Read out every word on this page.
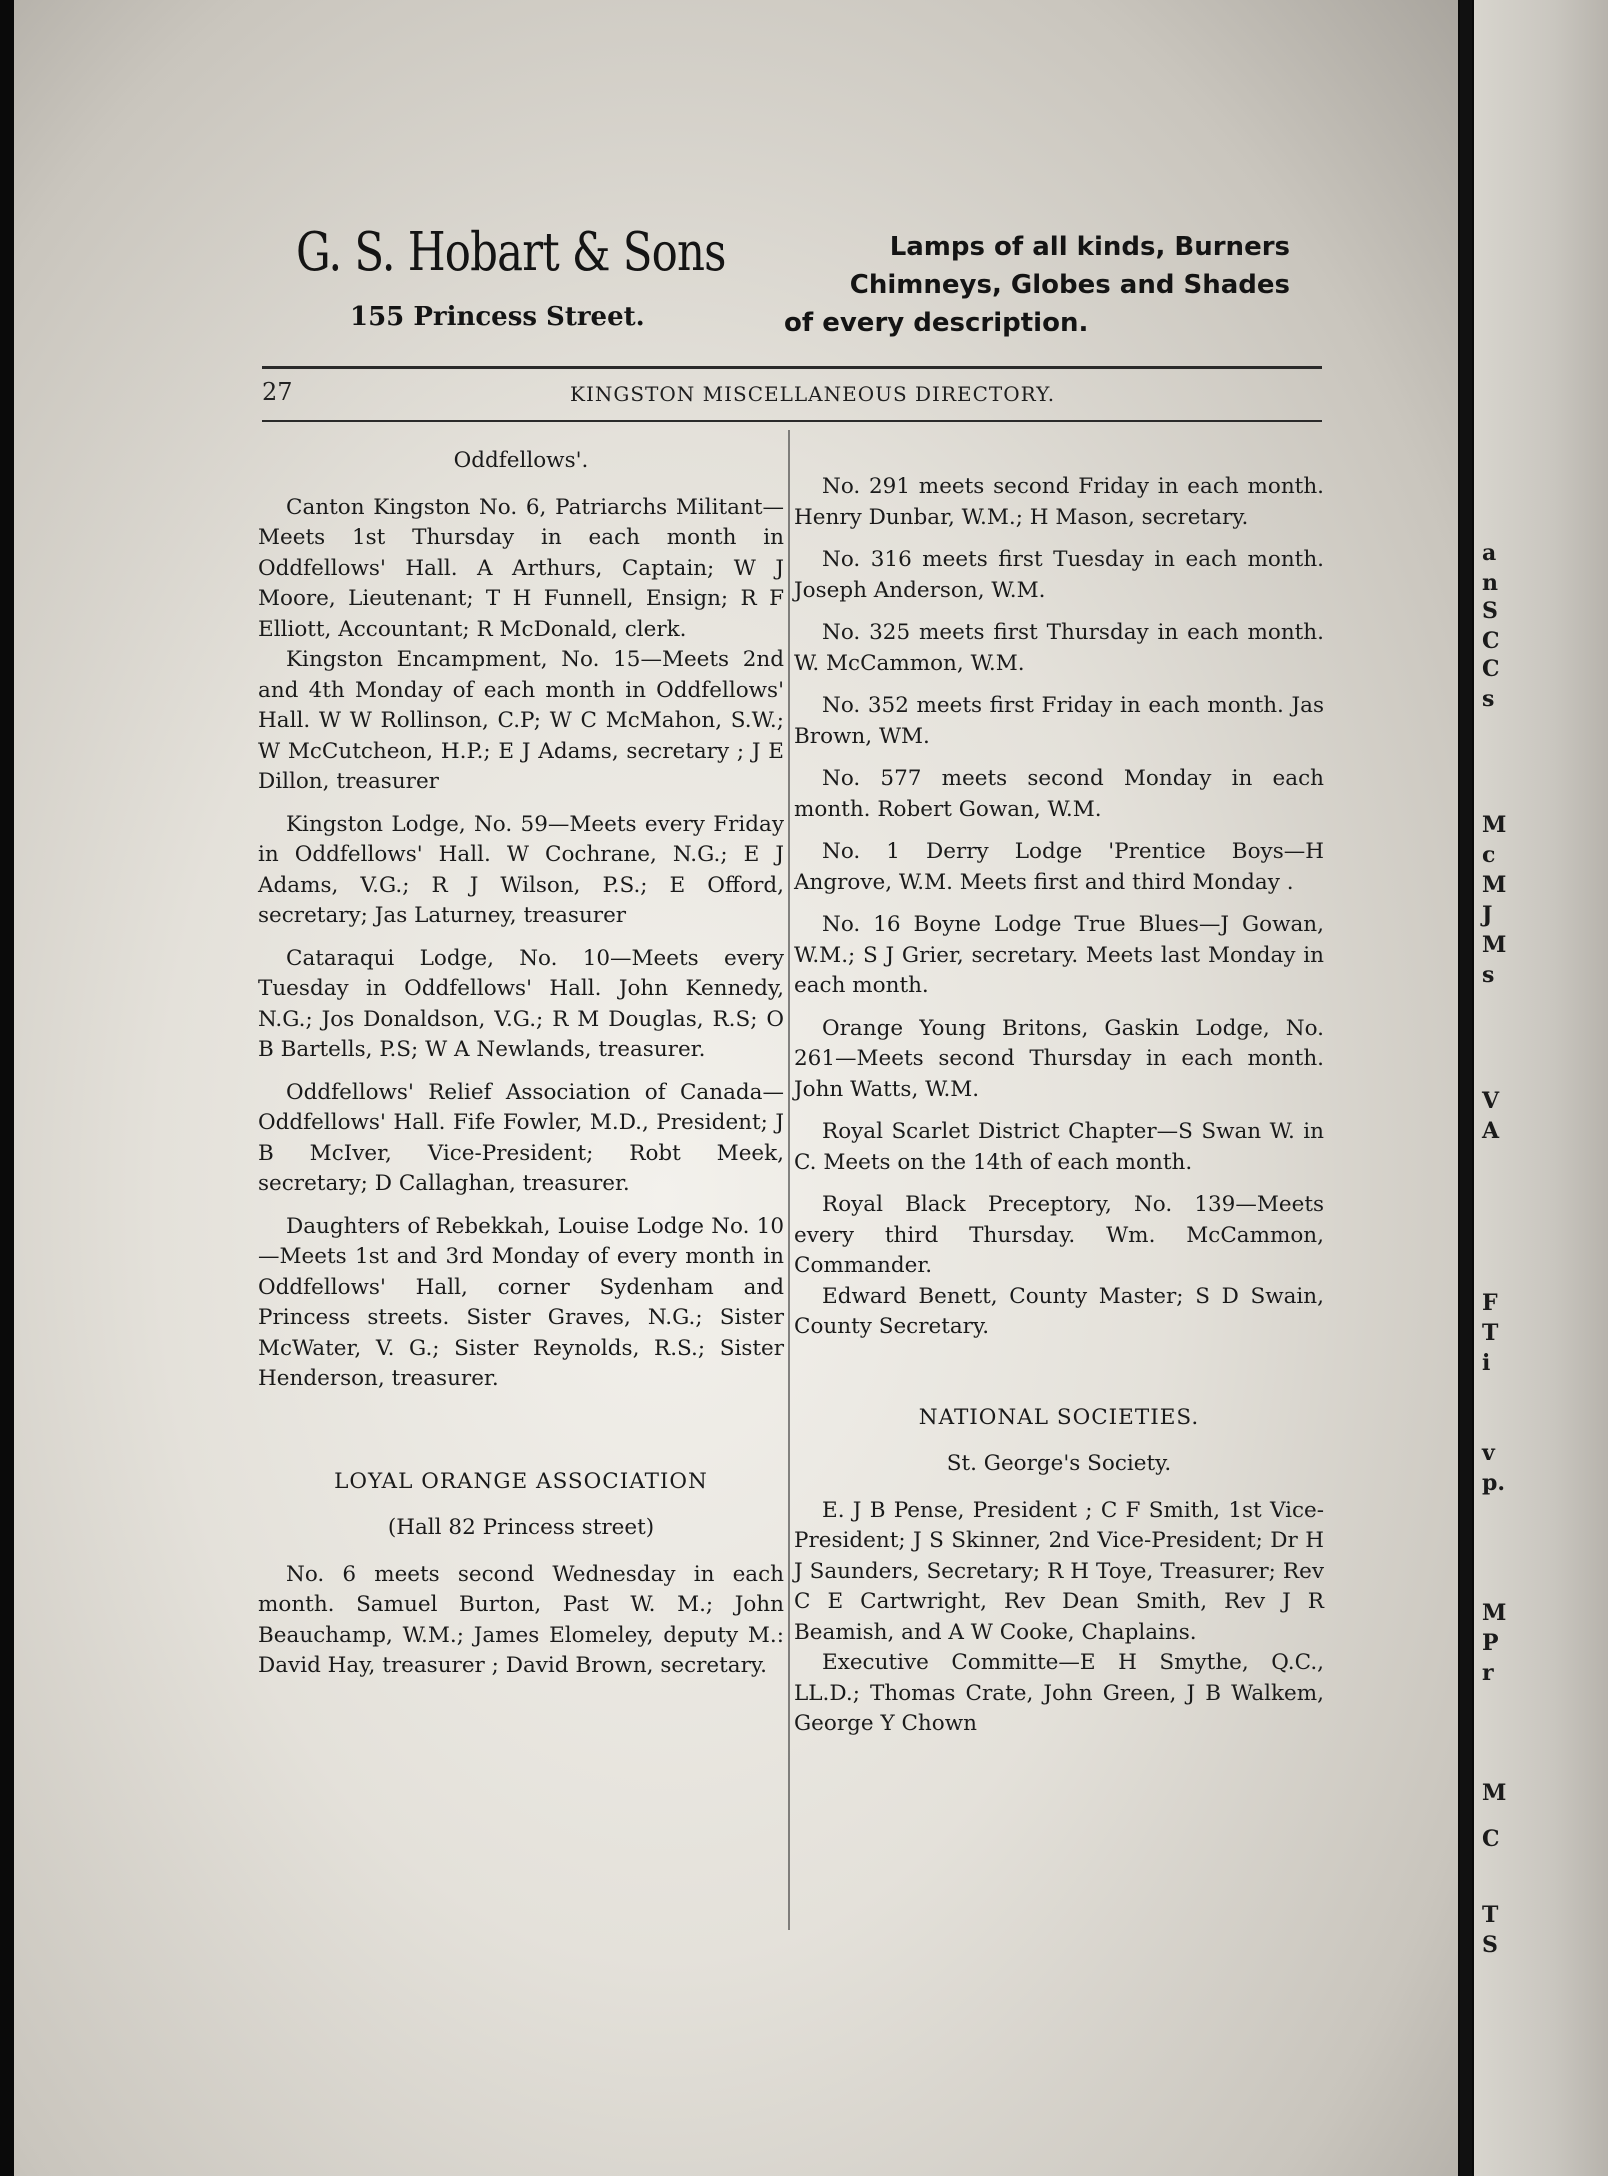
a
n
S
C
C
s
M
c
M
J
M
s
V
A
F
T
i
v
p.
M
P
r
M
C
T
S
G. S. Hobart & Sons
155 Princess Street.
Lamps of all kinds, Burners
Chimneys, Globes and Shades
of every description.
27	KINGSTON MISCELLANEOUS DIRECTORY.

Oddfellows'.

Canton Kingston No. 6, Patriarchs Militant—Meets 1st Thursday in each month in Oddfellows' Hall. A Arthurs, Captain; W J Moore, Lieutenant; T H Funnell, Ensign; R F Elliott, Accountant; R McDonald, clerk.

Kingston Encampment, No. 15—Meets 2nd and 4th Monday of each month in Oddfellows' Hall. W W Rollinson, C.P; W C McMahon, S.W.; W McCutcheon, H.P.; E J Adams, secretary ; J E Dillon, treasurer

Kingston Lodge, No. 59—Meets every Friday in Oddfellows' Hall. W Cochrane, N.G.; E J Adams, V.G.; R J Wilson, P.S.; E Offord, secretary; Jas Laturney, treasurer

Cataraqui Lodge, No. 10—Meets every Tuesday in Oddfellows' Hall. John Kennedy, N.G.; Jos Donaldson, V.G.; R M Douglas, R.S; O B Bartells, P.S; W A Newlands, treasurer.

Oddfellows' Relief Association of Canada—Oddfellows' Hall. Fife Fowler, M.D., President; J B McIver, Vice-President; Robt Meek, secretary; D Callaghan, treasurer.

Daughters of Rebekkah, Louise Lodge No. 10—Meets 1st and 3rd Monday of every month in Oddfellows' Hall, corner Sydenham and Princess streets. Sister Graves, N.G.; Sister McWater, V. G.; Sister Reynolds, R.S.; Sister Henderson, treasurer.

LOYAL ORANGE ASSOCIATION

(Hall 82 Princess street)

No. 6 meets second Wednesday in each month. Samuel Burton, Past W. M.; John Beauchamp, W.M.; James Elomeley, deputy M.: David Hay, treasurer ; David Brown, secretary.

No. 291 meets second Friday in each month. Henry Dunbar, W.M.; H Mason, secretary.

No. 316 meets first Tuesday in each month. Joseph Anderson, W.M.

No. 325 meets first Thursday in each month. W. McCammon, W.M.

No. 352 meets first Friday in each month. Jas Brown, WM.

No. 577 meets second Monday in each month. Robert Gowan, W.M.

No. 1 Derry Lodge 'Prentice Boys—H Angrove, W.M. Meets first and third Monday .

No. 16 Boyne Lodge True Blues—J Gowan, W.M.; S J Grier, secretary. Meets last Monday in each month.

Orange Young Britons, Gaskin Lodge, No. 261—Meets second Thursday in each month. John Watts, W.M.

Royal Scarlet District Chapter—S Swan W. in C. Meets on the 14th of each month.

Royal Black Preceptory, No. 139—Meets every third Thursday. Wm. McCammon, Commander.

Edward Benett, County Master; S D Swain, County Secretary.

NATIONAL SOCIETIES.

St. George's Society.

E. J B Pense, President ; C F Smith, 1st Vice-President; J S Skinner, 2nd Vice-President; Dr H J Saunders, Secretary; R H Toye, Treasurer; Rev C E Cartwright, Rev Dean Smith, Rev J R Beamish, and A W Cooke, Chaplains.

Executive Committe—E H Smythe, Q.C., LL.D.; Thomas Crate, John Green, J B Walkem, George Y Chown
